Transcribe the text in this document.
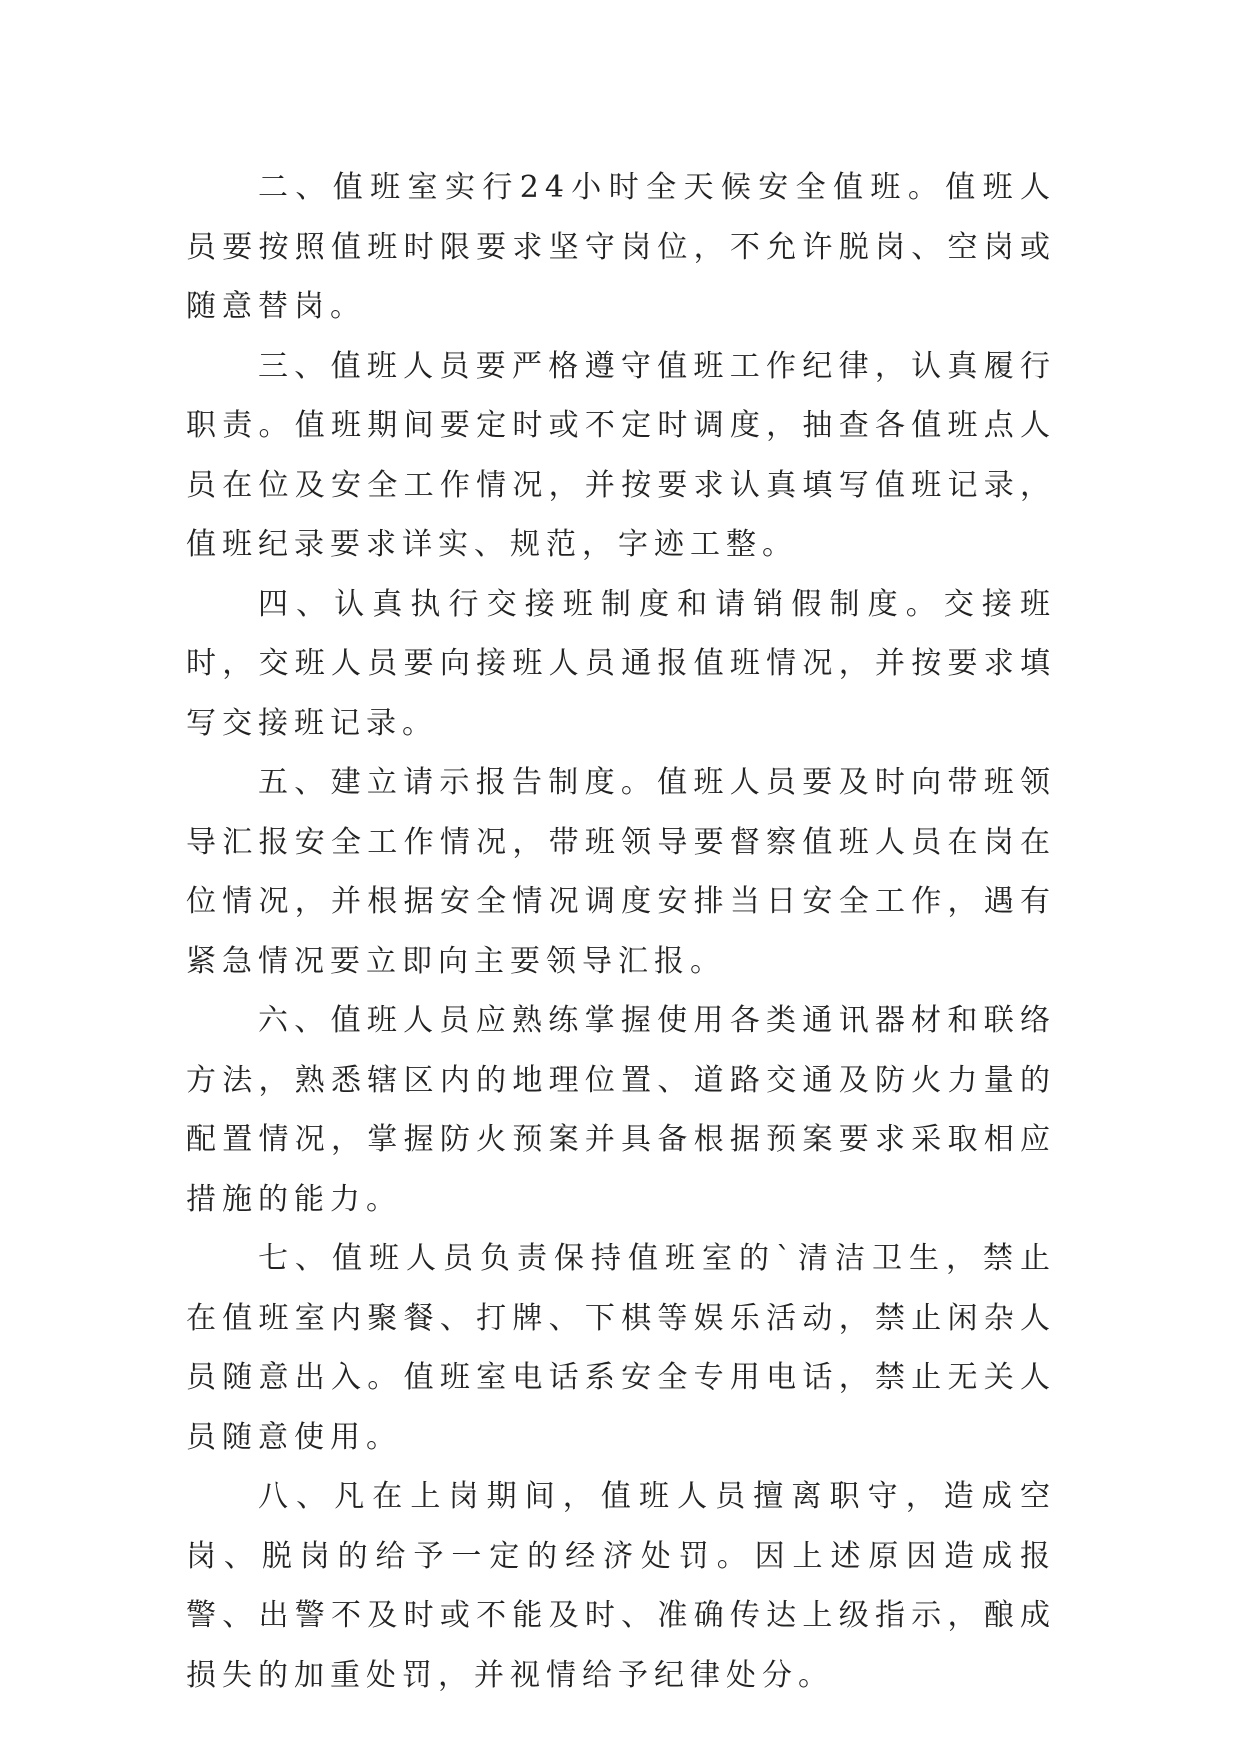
二、值班室实行24小时全天候安全值班。值班人员要按照值班时限要求坚守岗位，不允许脱岗、空岗或随意替岗。

三、值班人员要严格遵守值班工作纪律，认真履行职责。值班期间要定时或不定时调度，抽查各值班点人员在位及安全工作情况，并按要求认真填写值班记录，值班纪录要求详实、规范，字迹工整。

四、认真执行交接班制度和请销假制度。交接班时，交班人员要向接班人员通报值班情况，并按要求填写交接班记录。

五、建立请示报告制度。值班人员要及时向带班领导汇报安全工作情况，带班领导要督察值班人员在岗在位情况，并根据安全情况调度安排当日安全工作，遇有紧急情况要立即向主要领导汇报。

六、值班人员应熟练掌握使用各类通讯器材和联络方法，熟悉辖区内的地理位置、道路交通及防火力量的配置情况，掌握防火预案并具备根据预案要求采取相应措施的能力。

七、值班人员负责保持值班室的`清洁卫生，禁止在值班室内聚餐、打牌、下棋等娱乐活动，禁止闲杂人员随意出入。值班室电话系安全专用电话，禁止无关人员随意使用。

八、凡在上岗期间，值班人员擅离职守，造成空岗、脱岗的给予一定的经济处罚。因上述原因造成报警、出警不及时或不能及时、准确传达上级指示，酿成损失的加重处罚，并视情给予纪律处分。
